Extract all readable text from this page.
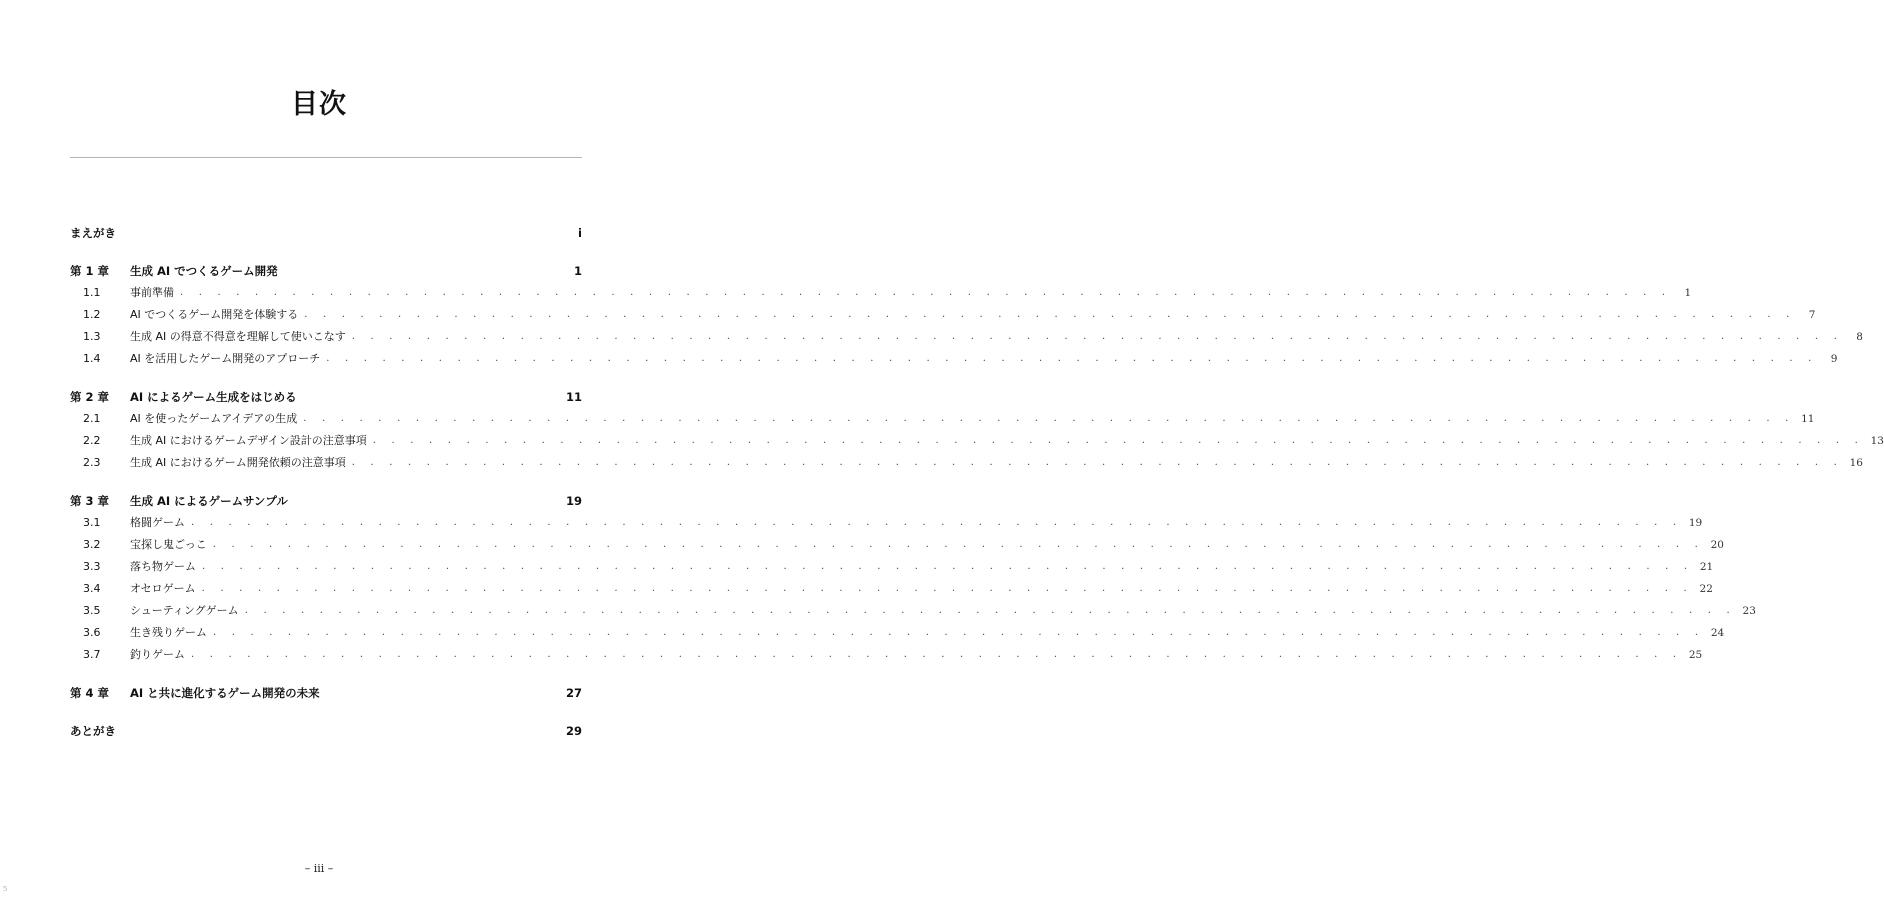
目次
まえがき	i
第 1 章	生成 AI でつくるゲーム開発	1
1.1	事前準備 . . . . . . . . . . . . . . . . . . . . . . . . . . . . . . . . . . . . . . . . . . . . . . . . . . . . . . . . . . . . . . . . . . . . . . . . . . . . . . . .	1
1.2	AI でつくるゲーム開発を体験する . . . . . . . . . . . . . . . . . . . . . . . . . . . . . . . . . . . . . . . . . . . . . . . . . . . . . . . . . . . . . . . . . . . . . . . . . . . . . . . .	7
1.3	生成 AI の得意不得意を理解して使いこなす . . . . . . . . . . . . . . . . . . . . . . . . . . . . . . . . . . . . . . . . . . . . . . . . . . . . . . . . . . . . . . . . . . . . . . . . . . . . . . . .	8
1.4	AI を活用したゲーム開発のアプローチ . . . . . . . . . . . . . . . . . . . . . . . . . . . . . . . . . . . . . . . . . . . . . . . . . . . . . . . . . . . . . . . . . . . . . . . . . . . . . . . .	9
第 2 章	AI によるゲーム生成をはじめる	11
2.1	AI を使ったゲームアイデアの生成 . . . . . . . . . . . . . . . . . . . . . . . . . . . . . . . . . . . . . . . . . . . . . . . . . . . . . . . . . . . . . . . . . . . . . . . . . . . . . . . . 11
2.2	生成 AI におけるゲームデザイン設計の注意事項 . . . . . . . . . . . . . . . . . . . . . . . . . . . . . . . . . . . . . . . . . . . . . . . . . . . . . . . . . . . . . . . . . . . . . . . . . . . . . . . . 13
2.3	生成 AI におけるゲーム開発依頼の注意事項 . . . . . . . . . . . . . . . . . . . . . . . . . . . . . . . . . . . . . . . . . . . . . . . . . . . . . . . . . . . . . . . . . . . . . . . . . . . . . . . . 16
第 3 章	生成 AI によるゲームサンプル	19
3.1	格闘ゲーム . . . . . . . . . . . . . . . . . . . . . . . . . . . . . . . . . . . . . . . . . . . . . . . . . . . . . . . . . . . . . . . . . . . . . . . . . . . . . . . . 19
3.2	宝探し鬼ごっこ . . . . . . . . . . . . . . . . . . . . . . . . . . . . . . . . . . . . . . . . . . . . . . . . . . . . . . . . . . . . . . . . . . . . . . . . . . . . . . . . 20
3.3	落ち物ゲーム . . . . . . . . . . . . . . . . . . . . . . . . . . . . . . . . . . . . . . . . . . . . . . . . . . . . . . . . . . . . . . . . . . . . . . . . . . . . . . . . 21
3.4	オセロゲーム . . . . . . . . . . . . . . . . . . . . . . . . . . . . . . . . . . . . . . . . . . . . . . . . . . . . . . . . . . . . . . . . . . . . . . . . . . . . . . . . 22
3.5	シューティングゲーム . . . . . . . . . . . . . . . . . . . . . . . . . . . . . . . . . . . . . . . . . . . . . . . . . . . . . . . . . . . . . . . . . . . . . . . . . . . . . . . . 23
3.6	生き残りゲーム . . . . . . . . . . . . . . . . . . . . . . . . . . . . . . . . . . . . . . . . . . . . . . . . . . . . . . . . . . . . . . . . . . . . . . . . . . . . . . . . 24
3.7	釣りゲーム . . . . . . . . . . . . . . . . . . . . . . . . . . . . . . . . . . . . . . . . . . . . . . . . . . . . . . . . . . . . . . . . . . . . . . . . . . . . . . . . 25
第 4 章	AI と共に進化するゲーム開発の未来	27
あとがき	29
– iii –
5
